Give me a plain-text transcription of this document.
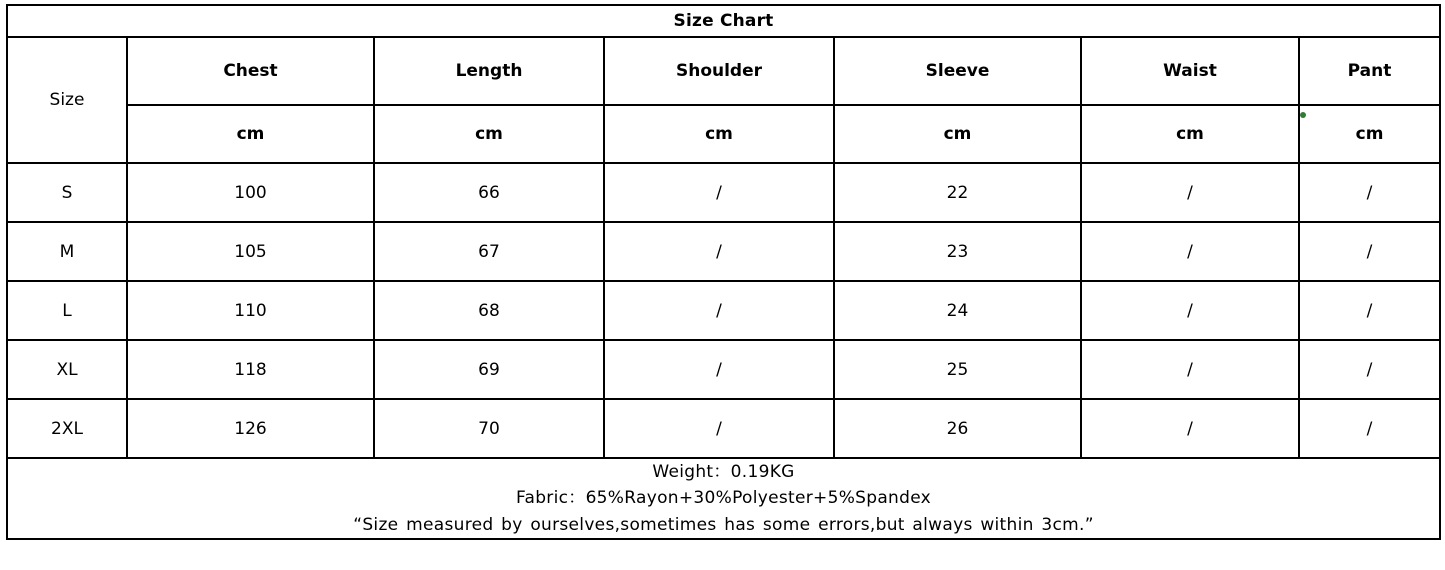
Size Chart						
Size	Chest	Length	Shoulder	Sleeve	Waist	Pant
	cm	cm	cm	cm	cm	cm
S	100	66	/	22	/	/
M	105	67	/	23	/	/
L	110	68	/	24	/	/
XL	118	69	/	25	/	/
2XL	126	70	/	26	/	/

Weight：0.19KG
Fabric：65%Rayon+30%Polyester+5%Spandex
“Size measured by ourselves,sometimes has some errors,but always within 3cm.”						
